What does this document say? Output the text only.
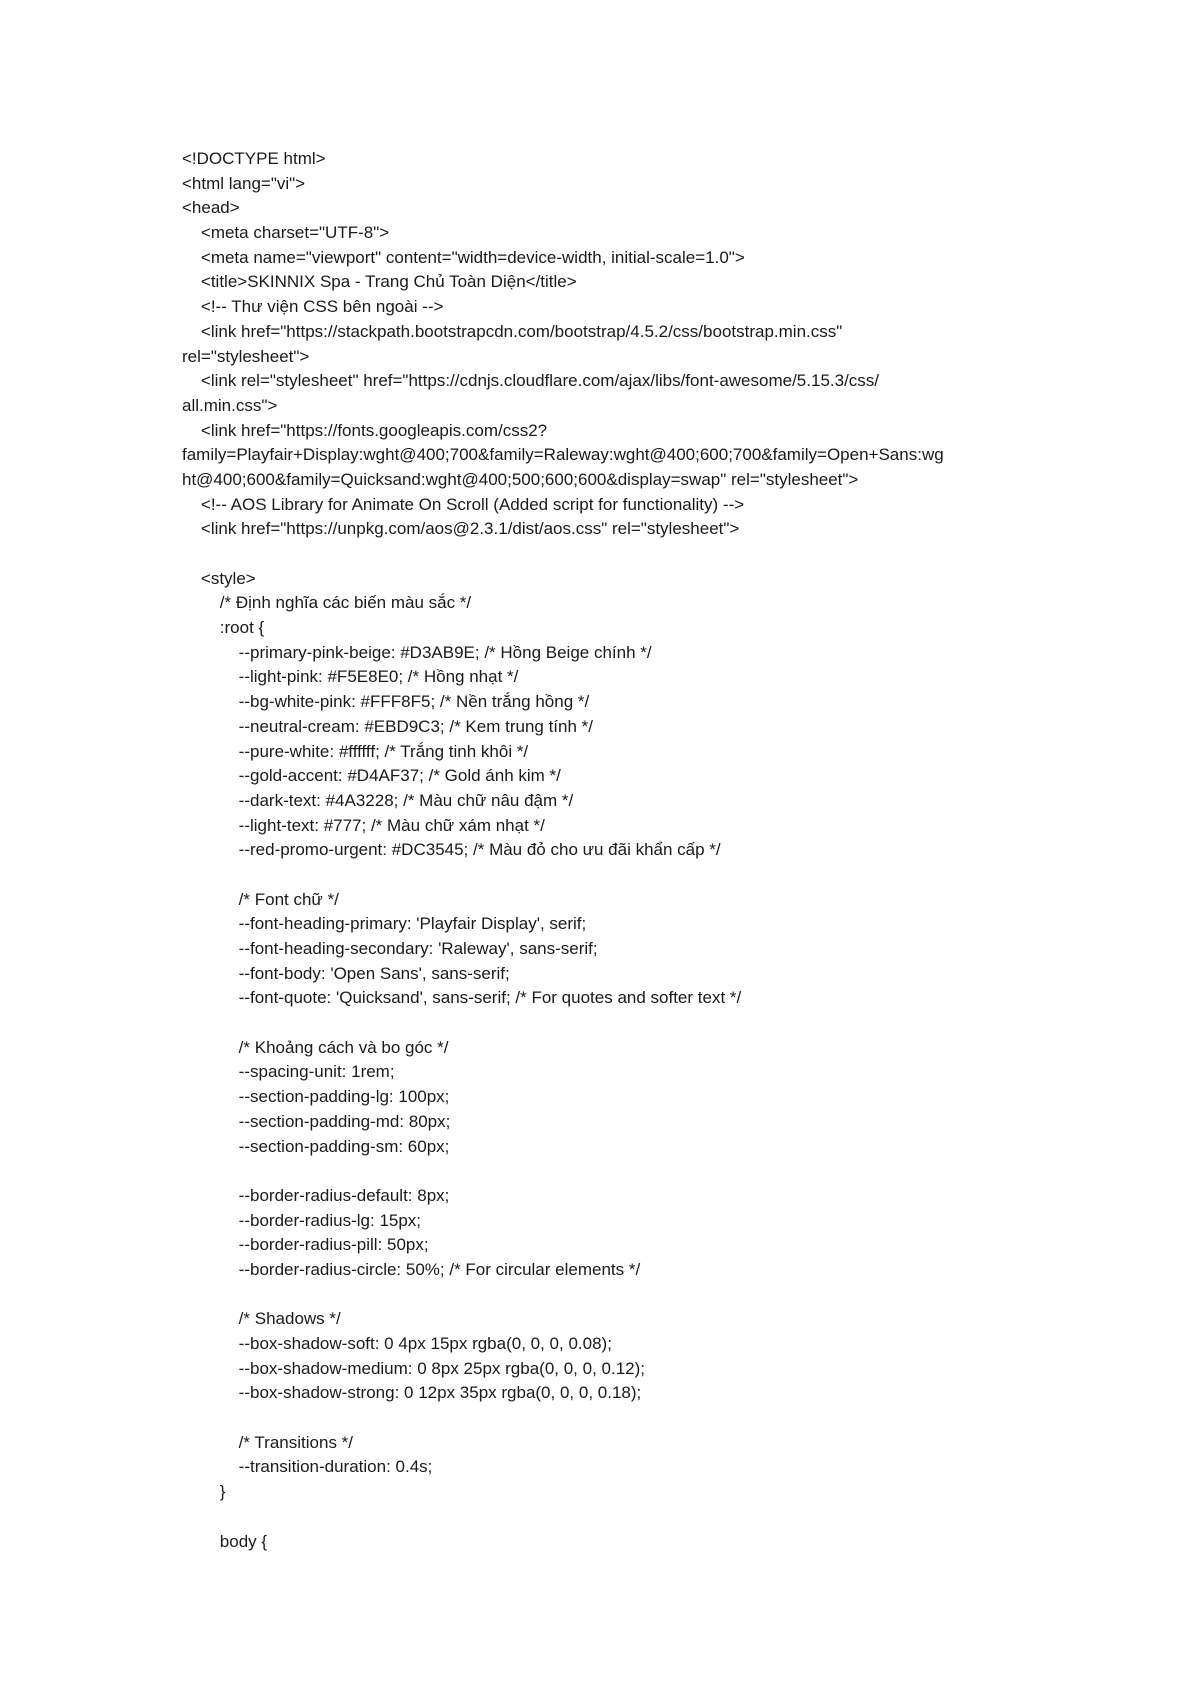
<!DOCTYPE html>
<html lang="vi">
<head>
<meta charset="UTF-8">
<meta name="viewport" content="width=device-width, initial-scale=1.0">
<title>SKINNIX Spa - Trang Chủ Toàn Diện</title>
<!-- Thư viện CSS bên ngoài -->
<link href="https://stackpath.bootstrapcdn.com/bootstrap/4.5.2/css/bootstrap.min.css"
rel="stylesheet">
<link rel="stylesheet" href="https://cdnjs.cloudflare.com/ajax/libs/font-awesome/5.15.3/css/
all.min.css">
<link href="https://fonts.googleapis.com/css2?
family=Playfair+Display:wght@400;700&family=Raleway:wght@400;600;700&family=Open+Sans:wg
ht@400;600&family=Quicksand:wght@400;500;600;600&display=swap" rel="stylesheet">
<!-- AOS Library for Animate On Scroll (Added script for functionality) -->
<link href="https://unpkg.com/aos@2.3.1/dist/aos.css" rel="stylesheet">
<style>
/* Định nghĩa các biến màu sắc */
:root {
--primary-pink-beige: #D3AB9E; /* Hồng Beige chính */
--light-pink: #F5E8E0; /* Hồng nhạt */
--bg-white-pink: #FFF8F5; /* Nền trắng hồng */
--neutral-cream: #EBD9C3; /* Kem trung tính */
--pure-white: #ffffff; /* Trắng tinh khôi */
--gold-accent: #D4AF37; /* Gold ánh kim */
--dark-text: #4A3228; /* Màu chữ nâu đậm */
--light-text: #777; /* Màu chữ xám nhạt */
--red-promo-urgent: #DC3545; /* Màu đỏ cho ưu đãi khẩn cấp */
/* Font chữ */
--font-heading-primary: 'Playfair Display', serif;
--font-heading-secondary: 'Raleway', sans-serif;
--font-body: 'Open Sans', sans-serif;
--font-quote: 'Quicksand', sans-serif; /* For quotes and softer text */
/* Khoảng cách và bo góc */
--spacing-unit: 1rem;
--section-padding-lg: 100px;
--section-padding-md: 80px;
--section-padding-sm: 60px;
--border-radius-default: 8px;
--border-radius-lg: 15px;
--border-radius-pill: 50px;
--border-radius-circle: 50%; /* For circular elements */
/* Shadows */
--box-shadow-soft: 0 4px 15px rgba(0, 0, 0, 0.08);
--box-shadow-medium: 0 8px 25px rgba(0, 0, 0, 0.12);
--box-shadow-strong: 0 12px 35px rgba(0, 0, 0, 0.18);
/* Transitions */
--transition-duration: 0.4s;
}
body {
